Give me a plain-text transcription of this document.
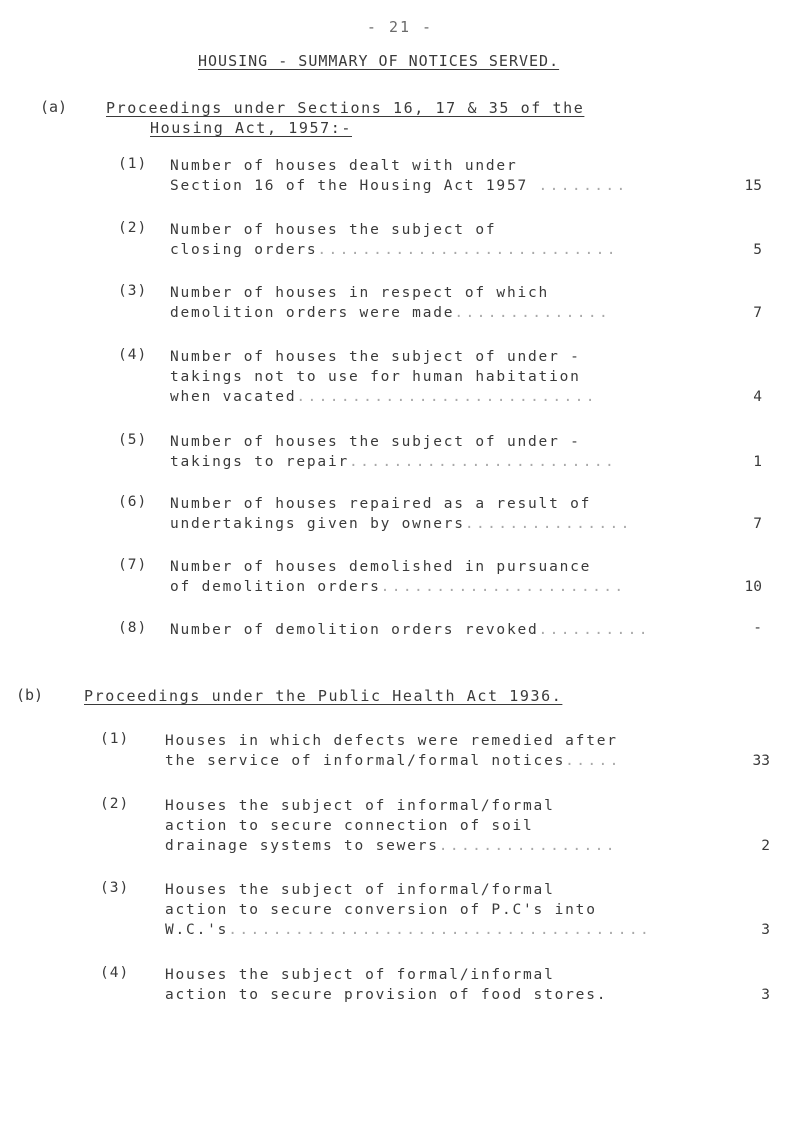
- 21 -
HOUSING - SUMMARY OF NOTICES SERVED.
(a)	Proceedings under Sections 16, 17 & 35 of the
Housing Act, 1957:-
(1) Number of houses dealt with under
Section 16 of the Housing Act 1957 ........	15
(2) Number of houses the subject of
closing orders...........................	5
(3) Number of houses in respect of which
demolition orders were made..............	7
(4) Number of houses the subject of under -
takings not to use for human habitation
when vacated...........................	4
(5) Number of houses the subject of under -
takings to repair........................	1
(6) Number of houses repaired as a result of
undertakings given by owners...............	7
(7) Number of houses demolished in pursuance
of demolition orders......................	10
(8) Number of demolition orders revoked..........	-
(b)	Proceedings under the Public Health Act 1936.
(1) Houses in which defects were remedied after
the service of informal/formal notices.....	33
(2) Houses the subject of informal/formal
action to secure connection of soil
drainage systems to sewers................	2
(3) Houses the subject of informal/formal
action to secure conversion of P.C's into
W.C.'s......................................	3
(4) Houses the subject of formal/informal
action to secure provision of food stores.	3
